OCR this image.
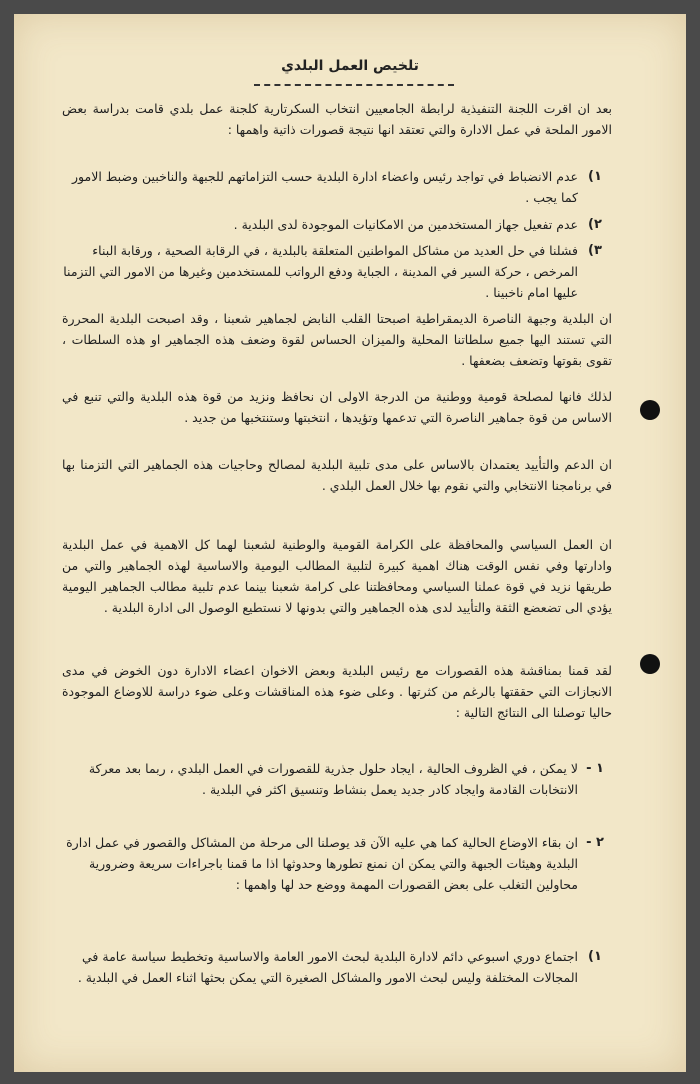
تلخيص العمل البلدي

بعد ان اقرت اللجنة التنفيذية لرابطة الجامعيين انتخاب السكرتارية كلجنة عمل بلدي قامت بدراسة بعض الامور الملحة في عمل الادارة والتي تعتقد انها نتيجة قصورات ذاتية واهمها :

١)
عدم الانضباط في تواجد رئيس واعضاء ادارة البلدية حسب التزاماتهم للجبهة والناخبين وضبط الامور كما يجب .
٢)
عدم تفعيل جهاز المستخدمين من الامكانيات الموجودة لدى البلدية .
٣)
فشلنا في حل العديد من مشاكل المواطنين المتعلقة بالبلدية ، في الرقابة الصحية ، ورقابة البناء المرخص ، حركة السير في المدينة ، الجباية ودفع الرواتب للمستخدمين وغيرها من الامور التي التزمنا عليها امام ناخبينا .

ان البلدية وجبهة الناصرة الديمقراطية اصبحتا القلب النابض لجماهير شعبنا ، وقد اصبحت البلدية المحررة التي تستند اليها جميع سلطاتنا المحلية والميزان الحساس لقوة وضعف هذه الجماهير او هذه السلطات ، تقوى بقوتها وتضعف بضعفها .

لذلك فانها لمصلحة قومية ووطنية من الدرجة الاولى ان نحافظ ونزيد من قوة هذه البلدية والتي تنبع في الاساس من قوة جماهير الناصرة التي تدعمها وتؤيدها ، انتخبتها وستنتخبها من جديد .

ان الدعم والتأييد يعتمدان بالاساس على مدى تلبية البلدية لمصالح وحاجيات هذه الجماهير التي التزمنا بها في برنامجنا الانتخابي والتي نقوم بها خلال العمل البلدي .

ان العمل السياسي والمحافظة على الكرامة القومية والوطنية لشعبنا لهما كل الاهمية في عمل البلدية وادارتها وفي نفس الوقت هناك اهمية كبيرة لتلبية المطالب اليومية والاساسية لهذه الجماهير والتي من طريقها نزيد في قوة عملنا السياسي ومحافظتنا على كرامة شعبنا بينما عدم تلبية مطالب الجماهير اليومية يؤدي الى تضعضع الثقة والتأييد لدى هذه الجماهير والتي بدونها لا نستطيع الوصول الى ادارة البلدية .

لقد قمنا بمناقشة هذه القصورات مع رئيس البلدية وبعض الاخوان اعضاء الادارة دون الخوض في مدى الانجازات التي حققتها بالرغم من كثرتها . وعلى ضوء هذه المناقشات وعلى ضوء دراسة للاوضاع الموجودة حاليا توصلنا الى النتائج التالية :

١ -
لا يمكن ، في الظروف الحالية ، ايجاد حلول جذرية للقصورات في العمل البلدي ، ربما بعد معركة الانتخابات القادمة وايجاد كادر جديد يعمل بنشاط وتنسيق اكثر في البلدية .
٢ -
ان بقاء الاوضاع الحالية كما هي عليه الآن قد يوصلنا الى مرحلة من المشاكل والقصور في عمل ادارة البلدية وهيئات الجبهة والتي يمكن ان نمنع تطورها وحدوثها اذا ما قمنا باجراءات سريعة وضرورية محاولين التغلب على بعض القصورات المهمة ووضع حد لها واهمها :
١)
اجتماع دوري اسبوعي دائم لادارة البلدية لبحث الامور العامة والاساسية وتخطيط سياسة عامة في المجالات المختلفة وليس لبحث الامور والمشاكل الصغيرة التي يمكن بحثها اثناء العمل في البلدية .
